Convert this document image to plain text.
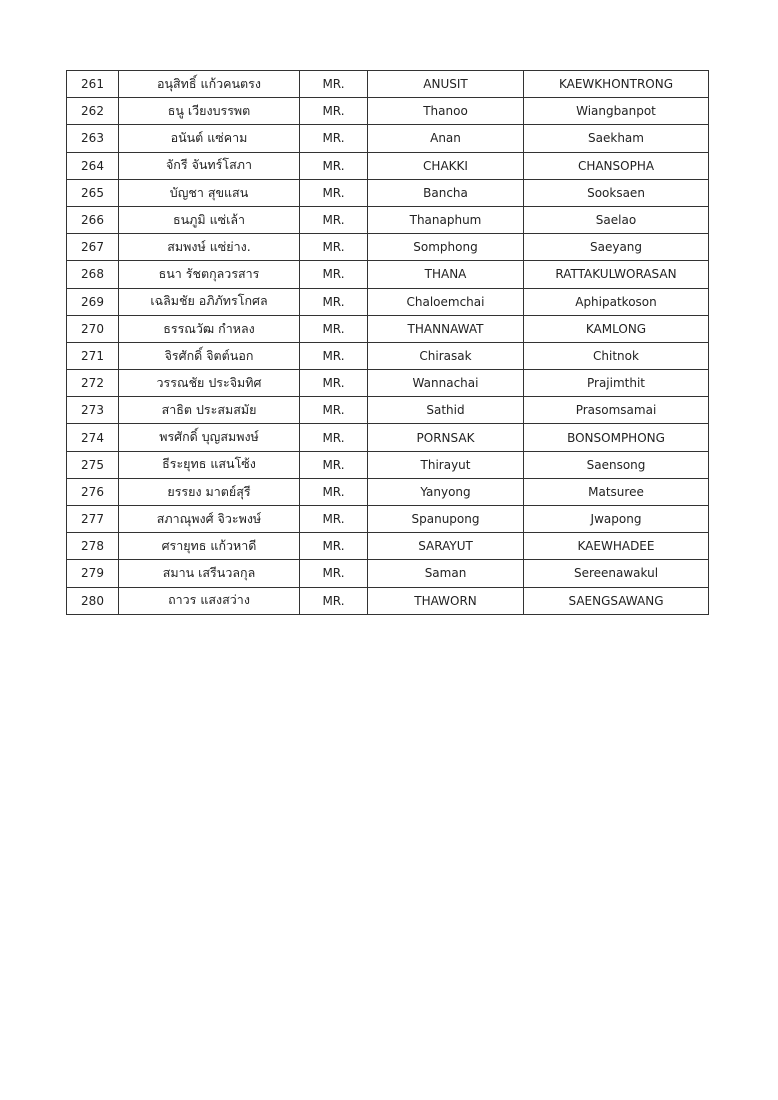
261	อนุสิทธิ์ แก้วคนตรง	MR.	ANUSIT	KAEWKHONTRONG
262	ธนู เวียงบรรพต	MR.	Thanoo	Wiangbanpot
263	อนันต์ แซ่คาม	MR.	Anan	Saekham
264	จักรี จันทร์โสภา	MR.	CHAKKI	CHANSOPHA
265	บัญชา สุขแสน	MR.	Bancha	Sooksaen
266	ธนภูมิ แซ่เล้า	MR.	Thanaphum	Saelao
267	สมพงษ์ แซ่ย่าง.	MR.	Somphong	Saeyang
268	ธนา รัชตกุลวรสาร	MR.	THANA	RATTAKULWORASAN
269	เฉลิมชัย อภิภัทรโกศล	MR.	Chaloemchai	Aphipatkoson
270	ธรรณวัฒ กำหลง	MR.	THANNAWAT	KAMLONG
271	จิรศักดิ์ จิตต์นอก	MR.	Chirasak	Chitnok
272	วรรณชัย ประจิมทิศ	MR.	Wannachai	Prajimthit
273	สาธิต ประสมสมัย	MR.	Sathid	Prasomsamai
274	พรศักดิ์ บุญสมพงษ์	MR.	PORNSAK	BONSOMPHONG
275	ธีระยุทธ แสนโซ้ง	MR.	Thirayut	Saensong
276	ยรรยง มาตย์สุรี	MR.	Yanyong	Matsuree
277	สภาณุพงศ์ จิวะพงษ์	MR.	Spanupong	Jwapong
278	ศรายุทธ แก้วหาดี	MR.	SARAYUT	KAEWHADEE
279	สมาน เสรีนวลกุล	MR.	Saman	Sereenawakul
280	ถาวร แสงสว่าง	MR.	THAWORN	SAENGSAWANG
